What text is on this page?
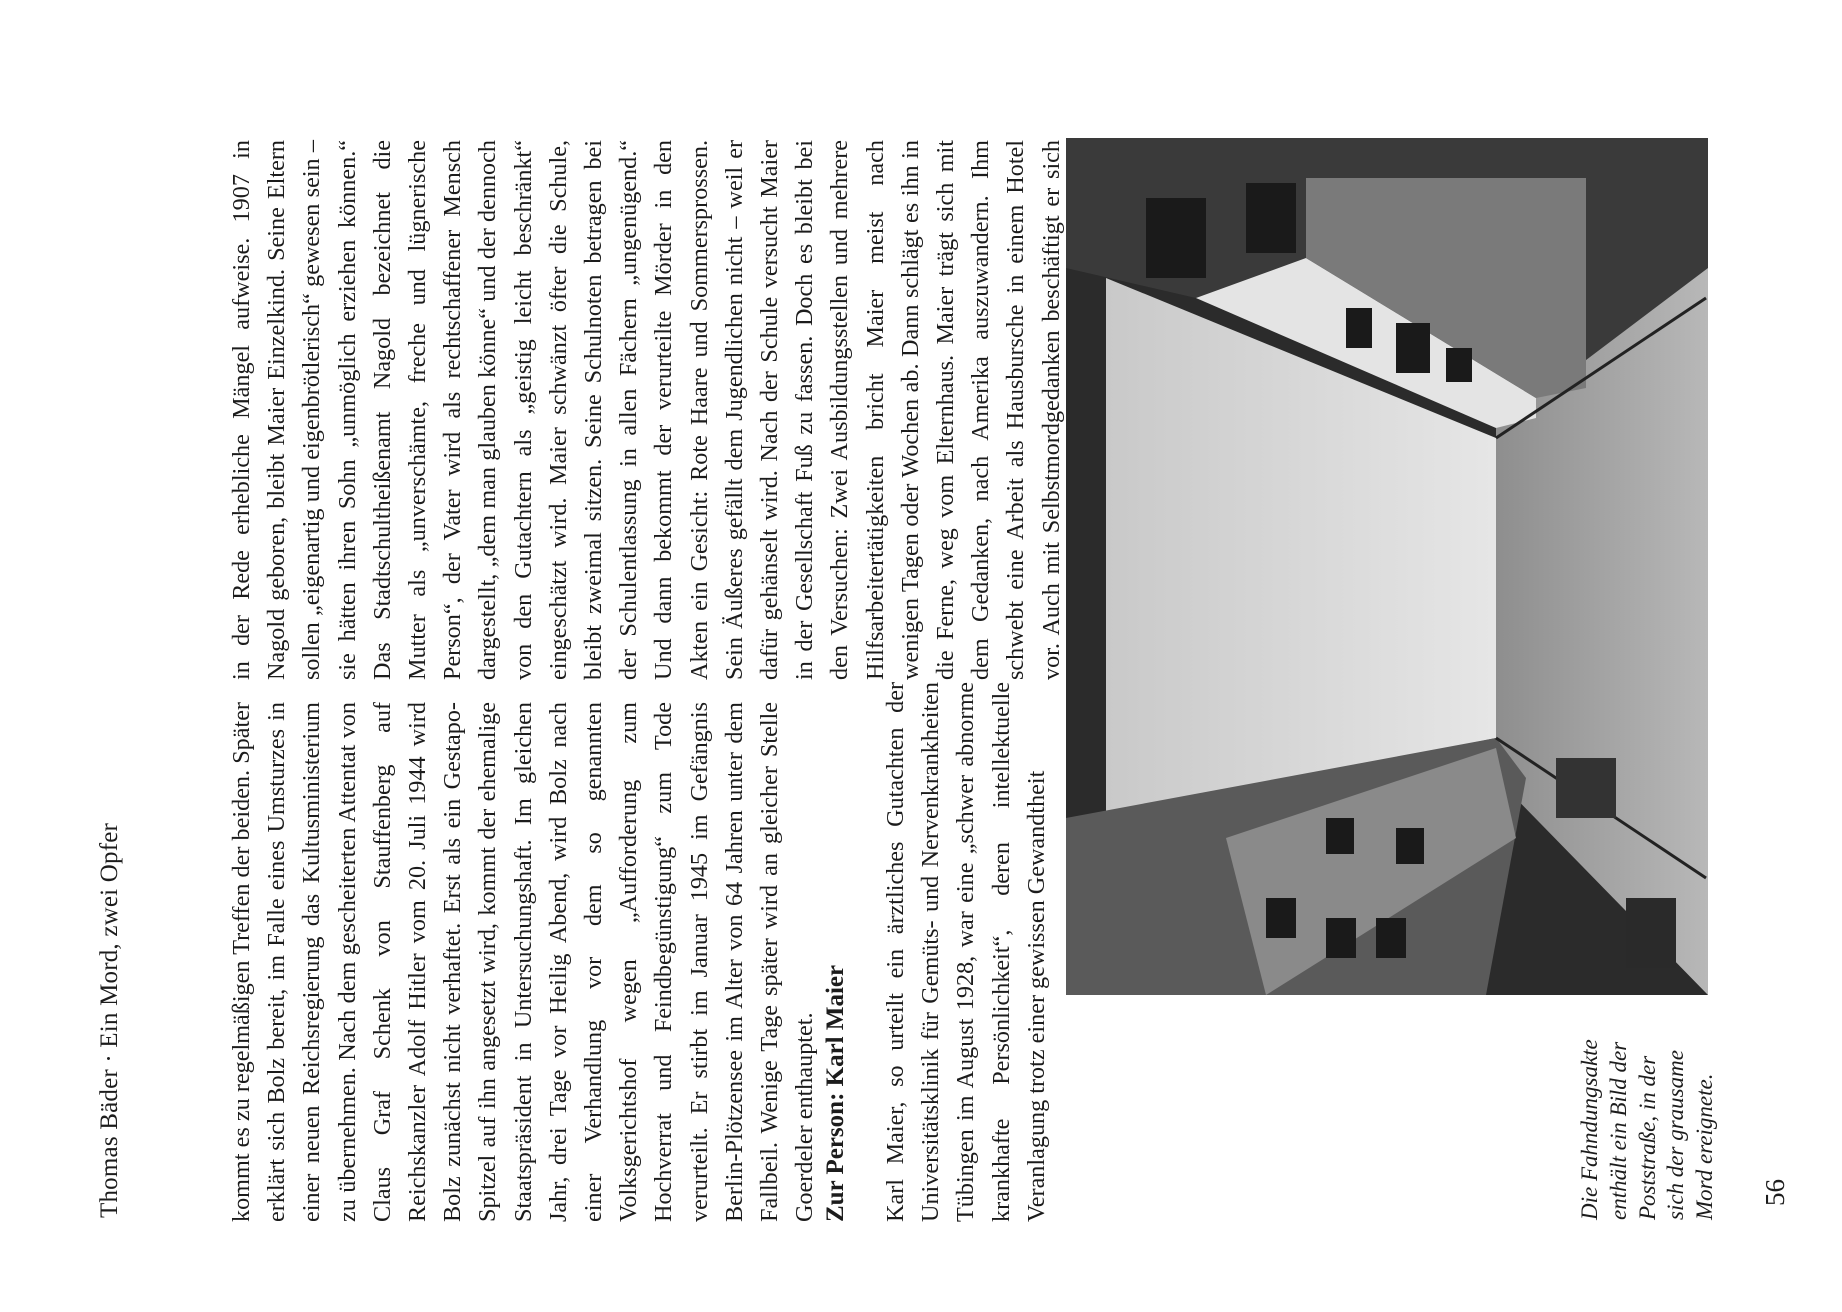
Thomas Bäder · Ein Mord, zwei Opfer	kommt es zu regelmäßigen Treffen der beiden. Später erklärt sich Bolz bereit, im Falle eines Umsturzes in einer neuen Reichsregierung das Kultusministerium zu übernehmen. Nach dem gescheiterten Attentat von Claus Graf Schenk von Stauffenberg auf Reichskanzler Adolf Hitler vom 20. Juli 1944 wird Bolz zunächst nicht verhaftet. Erst als ein Gestapo-Spitzel auf ihn angesetzt wird, kommt der ehemalige Staatspräsident in Untersuchungshaft. Im gleichen Jahr, drei Tage vor Heilig Abend, wird Bolz nach einer Verhandlung vor dem so genannten Volksgerichtshof wegen „Aufforderung zum Hochverrat und Feindbegünstigung“ zum Tode verurteilt. Er stirbt im Januar 1945 im Gefängnis Berlin-Plötzensee im Alter von 64 Jahren unter dem Fallbeil. Wenige Tage später wird an gleicher Stelle Goerdeler enthauptet. Zur Person: Karl Maier Karl Maier, so urteilt ein ärztliches Gutachten der Universitätsklinik für Gemüts- und Nervenkrankheiten Tübingen im August 1928, war eine „schwer abnorme krankhafte Persönlichkeit“, deren intellektuelle Veranlagung trotz einer gewissen Gewandtheit

in der Rede erhebliche Mängel aufweise. 1907 in Nagold geboren, bleibt Maier Einzelkind. Seine Eltern sollen „eigenartig und eigenbrötlerisch“ gewesen sein – sie hätten ihren Sohn „unmöglich erziehen können.“ Das Stadtschultheißenamt Nagold bezeichnet die Mutter als „unverschämte, freche und lügnerische Person“, der Vater wird als rechtschaffener Mensch dargestellt, „dem man glauben könne“ und der dennoch von den Gutachtern als „geistig leicht beschränkt“ eingeschätzt wird. Maier schwänzt öfter die Schule, bleibt zweimal sitzen. Seine Schulnoten betragen bei der Schulentlassung in allen Fächern „ungenügend.“ Und dann bekommt der verurteilte Mörder in den Akten ein Gesicht: Rote Haare und Sommersprossen. Sein Äußeres gefällt dem Jugendlichen nicht – weil er dafür gehänselt wird. Nach der Schule versucht Maier in der Gesellschaft Fuß zu fassen. Doch es bleibt bei den Versuchen: Zwei Ausbildungsstellen und mehrere Hilfsarbeitertätigkeiten bricht Maier meist nach wenigen Tagen oder Wochen ab. Dann schlägt es ihn in die Ferne, weg vom Elternhaus. Maier trägt sich mit dem Gedanken, nach Amerika auszuwandern. Ihm schwebt eine Arbeit als Hausbursche in einem Hotel vor. Auch mit Selbstmordgedanken beschäftigt er sich

Die Fahndungsakte enthält ein Bild der Poststraße, in der sich der grausame Mord ereignete. 56
